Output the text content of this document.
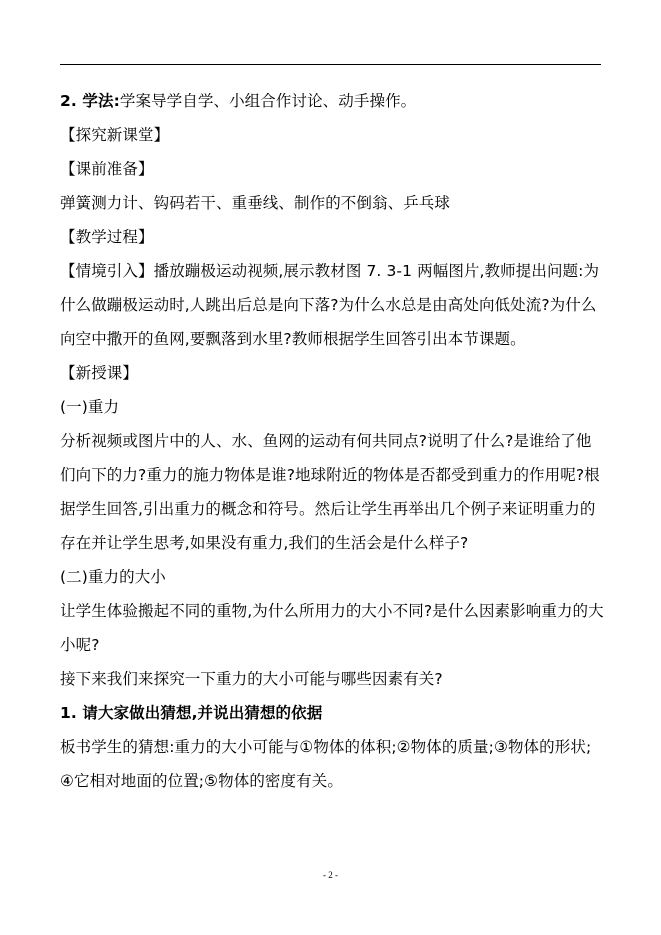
2. 学法:学案导学自学、小组合作讨论、动手操作。

【探究新课堂】

【课前准备】

弹簧测力计、钩码若干、重垂线、制作的不倒翁、乒乓球

【教学过程】

【情境引入】播放蹦极运动视频,展示教材图 7. 3-1 两幅图片,教师提出问题:为什么做蹦极运动时,人跳出后总是向下落?为什么水总是由高处向低处流?为什么向空中撒开的鱼网,要飘落到水里?教师根据学生回答引出本节课题。

【新授课】

(一)重力

分析视频或图片中的人、水、鱼网的运动有何共同点?说明了什么?是谁给了他们向下的力?重力的施力物体是谁?地球附近的物体是否都受到重力的作用呢?根据学生回答,引出重力的概念和符号。然后让学生再举出几个例子来证明重力的存在并让学生思考,如果没有重力,我们的生活会是什么样子?

(二)重力的大小

让学生体验搬起不同的重物,为什么所用力的大小不同?是什么因素影响重力的大小呢?

接下来我们来探究一下重力的大小可能与哪些因素有关?

1. 请大家做出猜想,并说出猜想的依据

板书学生的猜想:重力的大小可能与①物体的体积;②物体的质量;③物体的形状;④它相对地面的位置;⑤物体的密度有关。

- 2 -
